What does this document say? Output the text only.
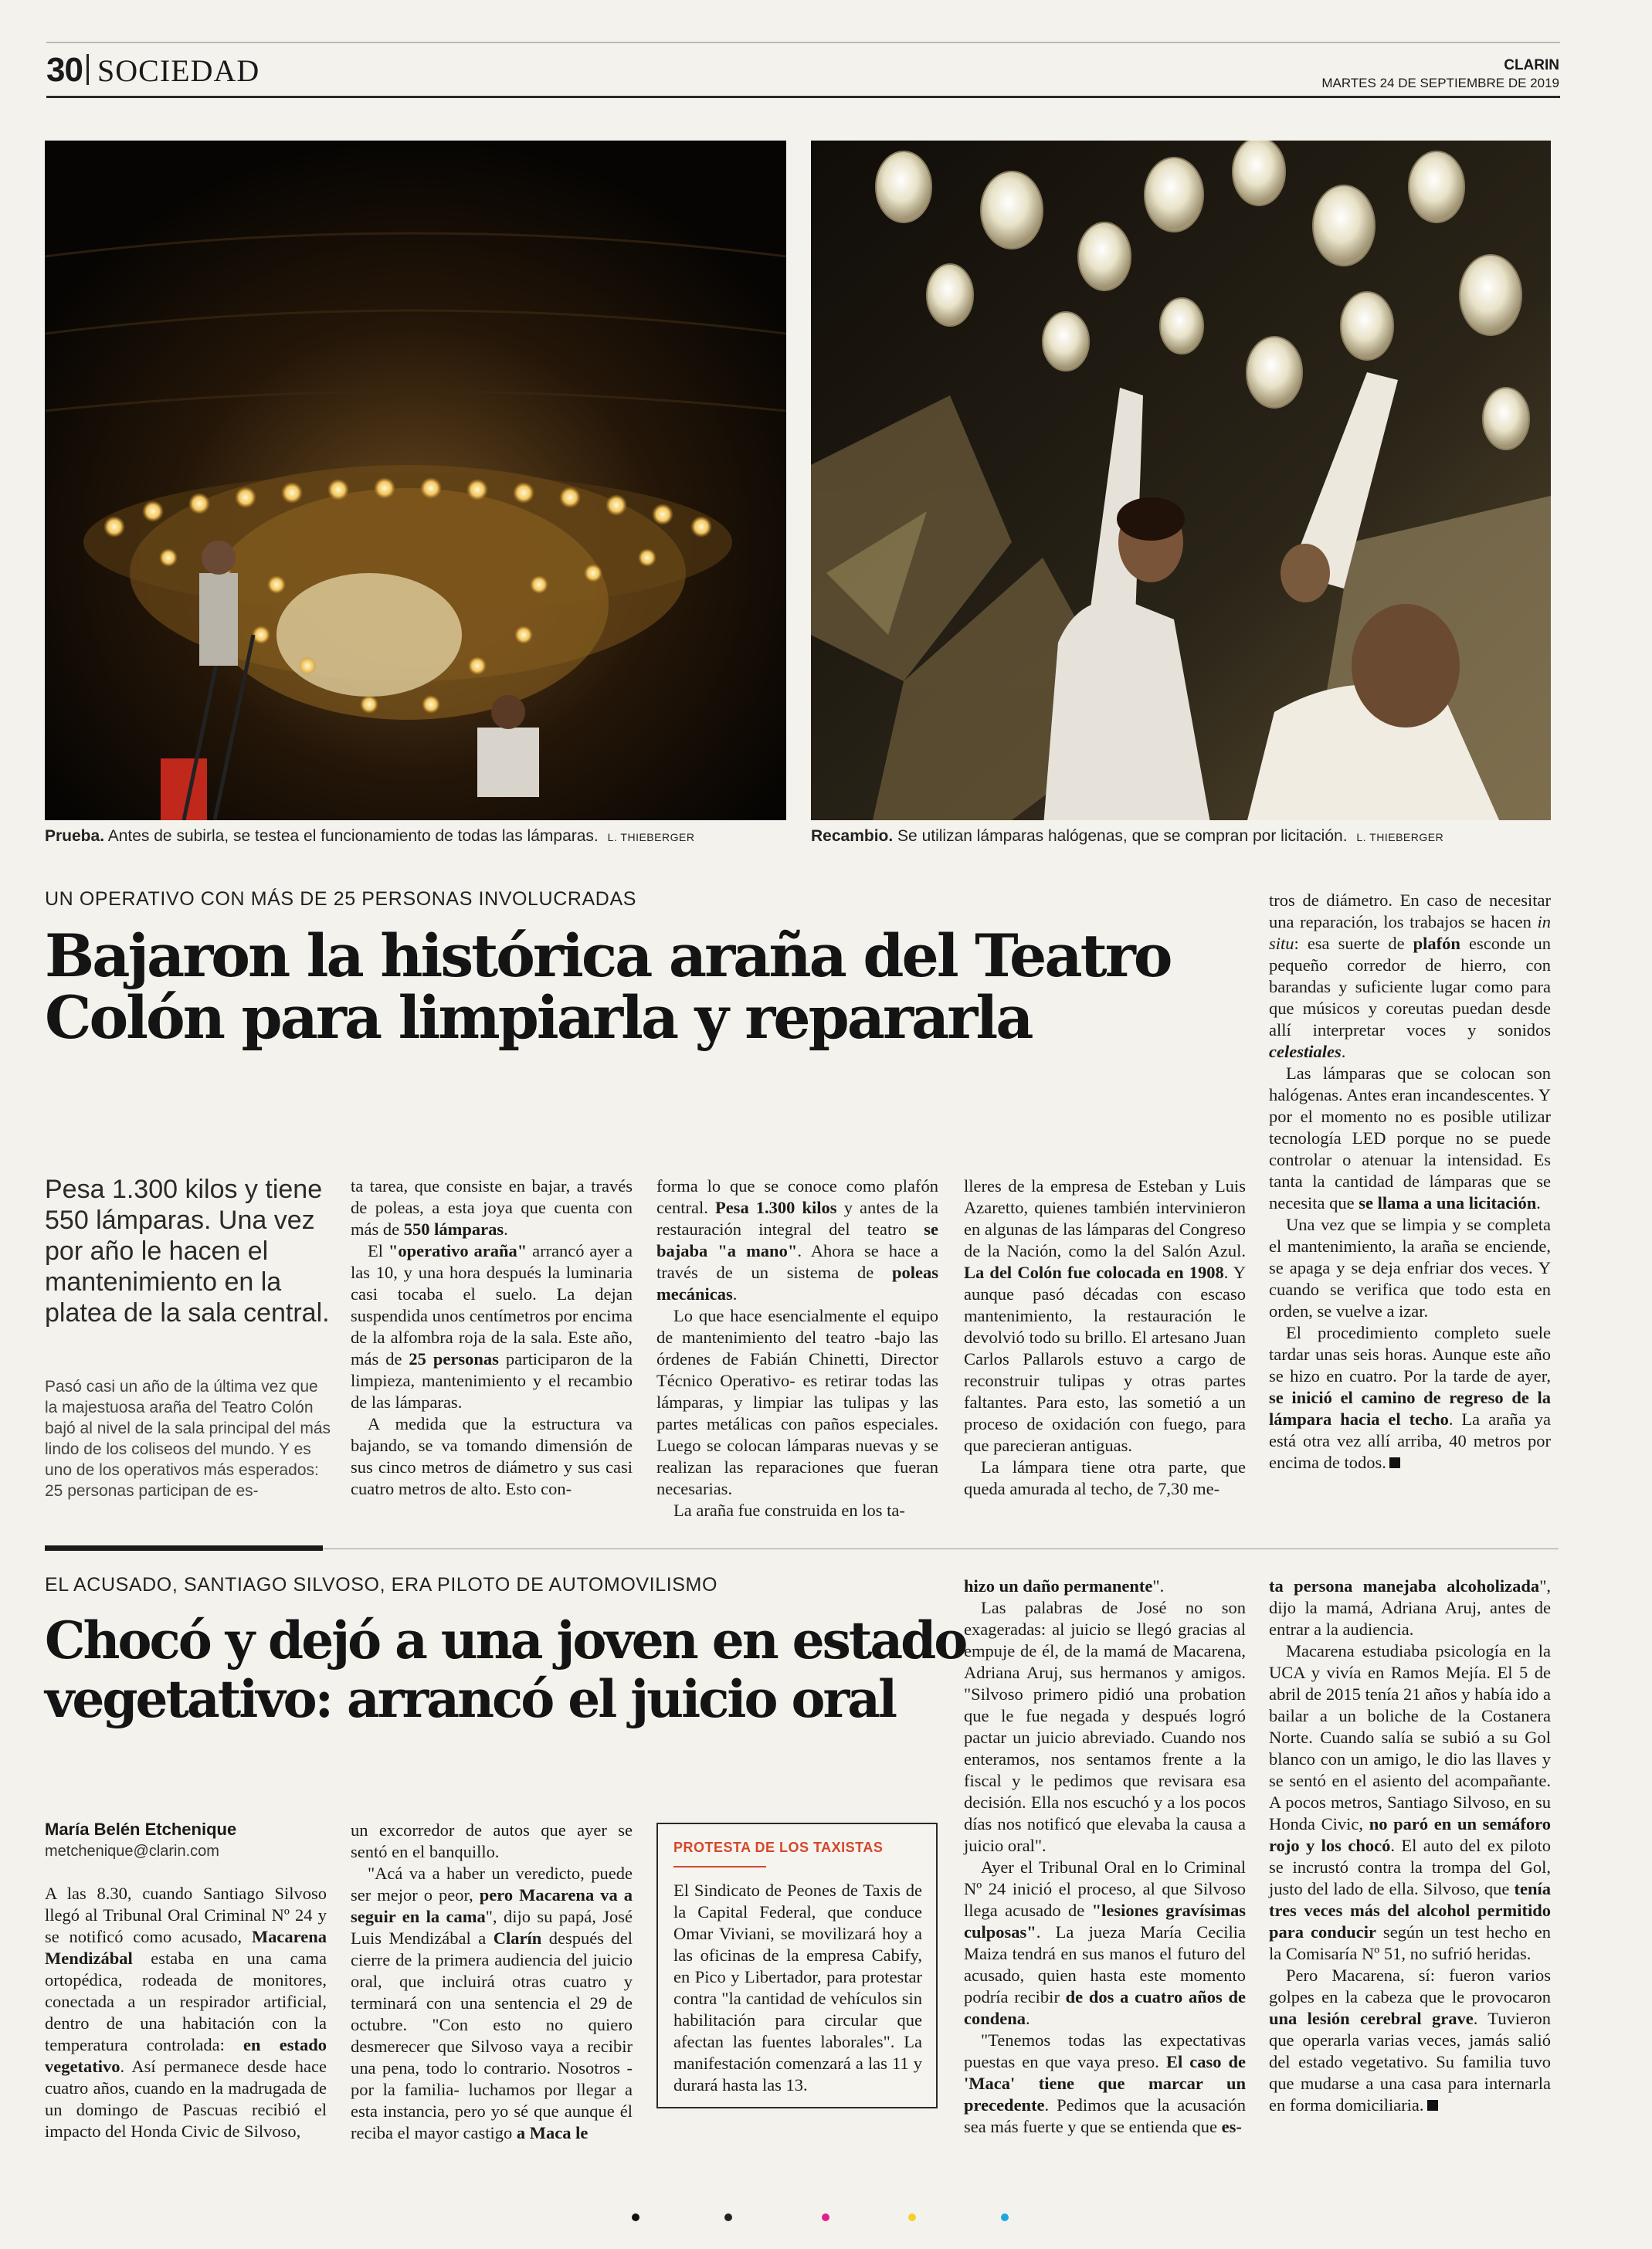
30 SOCIEDAD	CLARIN
MARTES 24 DE SEPTIEMBRE DE 2019
Prueba. Antes de subirla, se testea el funcionamiento de todas las lámparas. L. THIEBERGER	Recambio. Se utilizan lámparas halógenas, que se compran por licitación. L. THIEBERGER
UN OPERATIVO CON MÁS DE 25 PERSONAS INVOLUCRADAS
Bajaron la histórica araña del Teatro Colón para limpiarla y repararla
Pesa 1.300 kilos y tiene 550 lámparas. Una vez por año le hacen el mantenimiento en la platea de la sala central.
Pasó casi un año de la última vez que la majestuosa araña del Teatro Colón bajó al nivel de la sala principal del más lindo de los coliseos del mundo. Y es uno de los operativos más esperados: 25 personas participan de es-

ta tarea, que consiste en bajar, a través de poleas, a esta joya que cuenta con más de 550 lámparas.

El "operativo araña" arrancó ayer a las 10, y una hora después la luminaria casi tocaba el suelo. La dejan suspendida unos centímetros por encima de la alfombra roja de la sala. Este año, más de 25 personas participaron de la limpieza, mantenimiento y el recambio de las lámparas.

A medida que la estructura va bajando, se va tomando dimensión de sus cinco metros de diámetro y sus casi cuatro metros de alto. Esto con-

forma lo que se conoce como plafón central. Pesa 1.300 kilos y antes de la restauración integral del teatro se bajaba "a mano". Ahora se hace a través de un sistema de poleas mecánicas.

Lo que hace esencialmente el equipo de mantenimiento del teatro -bajo las órdenes de Fabián Chinetti, Director Técnico Operativo- es retirar todas las lámparas, y limpiar las tulipas y las partes metálicas con paños especiales. Luego se colocan lámparas nuevas y se realizan las reparaciones que fueran necesarias.

La araña fue construida en los ta-

lleres de la empresa de Esteban y Luis Azaretto, quienes también intervinieron en algunas de las lámparas del Congreso de la Nación, como la del Salón Azul. La del Colón fue colocada en 1908. Y aunque pasó décadas con escaso mantenimiento, la restauración le devolvió todo su brillo. El artesano Juan Carlos Pallarols estuvo a cargo de reconstruir tulipas y otras partes faltantes. Para esto, las sometió a un proceso de oxidación con fuego, para que parecieran antiguas.

La lámpara tiene otra parte, que queda amurada al techo, de 7,30 me-

tros de diámetro. En caso de necesitar una reparación, los trabajos se hacen in situ: esa suerte de plafón esconde un pequeño corredor de hierro, con barandas y suficiente lugar como para que músicos y coreutas puedan desde allí interpretar voces y sonidos celestiales.

Las lámparas que se colocan son halógenas. Antes eran incandescentes. Y por el momento no es posible utilizar tecnología LED porque no se puede controlar o atenuar la intensidad. Es tanta la cantidad de lámparas que se necesita que se llama a una licitación.

Una vez que se limpia y se completa el mantenimiento, la araña se enciende, se apaga y se deja enfriar dos veces. Y cuando se verifica que todo esta en orden, se vuelve a izar.

El procedimiento completo suele tardar unas seis horas. Aunque este año se hizo en cuatro. Por la tarde de ayer, se inició el camino de regreso de la lámpara hacia el techo. La araña ya está otra vez allí arriba, 40 metros por encima de todos.

EL ACUSADO, SANTIAGO SILVOSO, ERA PILOTO DE AUTOMOVILISMO
Chocó y dejó a una joven en estado vegetativo: arrancó el juicio oral
María Belén Etchenique
metchenique@clarin.com

A las 8.30, cuando Santiago Silvoso llegó al Tribunal Oral Criminal Nº 24 y se notificó como acusado, Macarena Mendizábal estaba en una cama ortopédica, rodeada de monitores, conectada a un respirador artificial, dentro de una habitación con la temperatura controlada: en estado vegetativo. Así permanece desde hace cuatro años, cuando en la madrugada de un domingo de Pascuas recibió el impacto del Honda Civic de Silvoso,

un excorredor de autos que ayer se sentó en el banquillo.

"Acá va a haber un veredicto, puede ser mejor o peor, pero Macarena va a seguir en la cama", dijo su papá, José Luis Mendizábal a Clarín después del cierre de la primera audiencia del juicio oral, que incluirá otras cuatro y terminará con una sentencia el 29 de octubre. "Con esto no quiero desmerecer que Silvoso vaya a recibir una pena, todo lo contrario. Nosotros -por la familia- luchamos por llegar a esta instancia, pero yo sé que aunque él reciba el mayor castigo a Maca le

PROTESTA DE LOS TAXISTAS
El Sindicato de Peones de Taxis de la Capital Federal, que conduce Omar Viviani, se movilizará hoy a las oficinas de la empresa Cabify, en Pico y Libertador, para protestar contra "la cantidad de vehículos sin habilitación para circular que afectan las fuentes laborales". La manifestación comenzará a las 11 y durará hasta las 13.

hizo un daño permanente".

Las palabras de José no son exageradas: al juicio se llegó gracias al empuje de él, de la mamá de Macarena, Adriana Aruj, sus hermanos y amigos. "Silvoso primero pidió una probation que le fue negada y después logró pactar un juicio abreviado. Cuando nos enteramos, nos sentamos frente a la fiscal y le pedimos que revisara esa decisión. Ella nos escuchó y a los pocos días nos notificó que elevaba la causa a juicio oral".

Ayer el Tribunal Oral en lo Criminal Nº 24 inició el proceso, al que Silvoso llega acusado de "lesiones gravísimas culposas". La jueza María Cecilia Maiza tendrá en sus manos el futuro del acusado, quien hasta este momento podría recibir de dos a cuatro años de condena.

"Tenemos todas las expectativas puestas en que vaya preso. El caso de 'Maca' tiene que marcar un precedente. Pedimos que la acusación sea más fuerte y que se entienda que es-

ta persona manejaba alcoholizada", dijo la mamá, Adriana Aruj, antes de entrar a la audiencia.

Macarena estudiaba psicología en la UCA y vivía en Ramos Mejía. El 5 de abril de 2015 tenía 21 años y había ido a bailar a un boliche de la Costanera Norte. Cuando salía se subió a su Gol blanco con un amigo, le dio las llaves y se sentó en el asiento del acompañante. A pocos metros, Santiago Silvoso, en su Honda Civic, no paró en un semáforo rojo y los chocó. El auto del ex piloto se incrustó contra la trompa del Gol, justo del lado de ella. Silvoso, que tenía tres veces más del alcohol permitido para conducir según un test hecho en la Comisaría Nº 51, no sufrió heridas.

Pero Macarena, sí: fueron varios golpes en la cabeza que le provocaron una lesión cerebral grave. Tuvieron que operarla varias veces, jamás salió del estado vegetativo. Su familia tuvo que mudarse a una casa para internarla en forma domiciliaria.
